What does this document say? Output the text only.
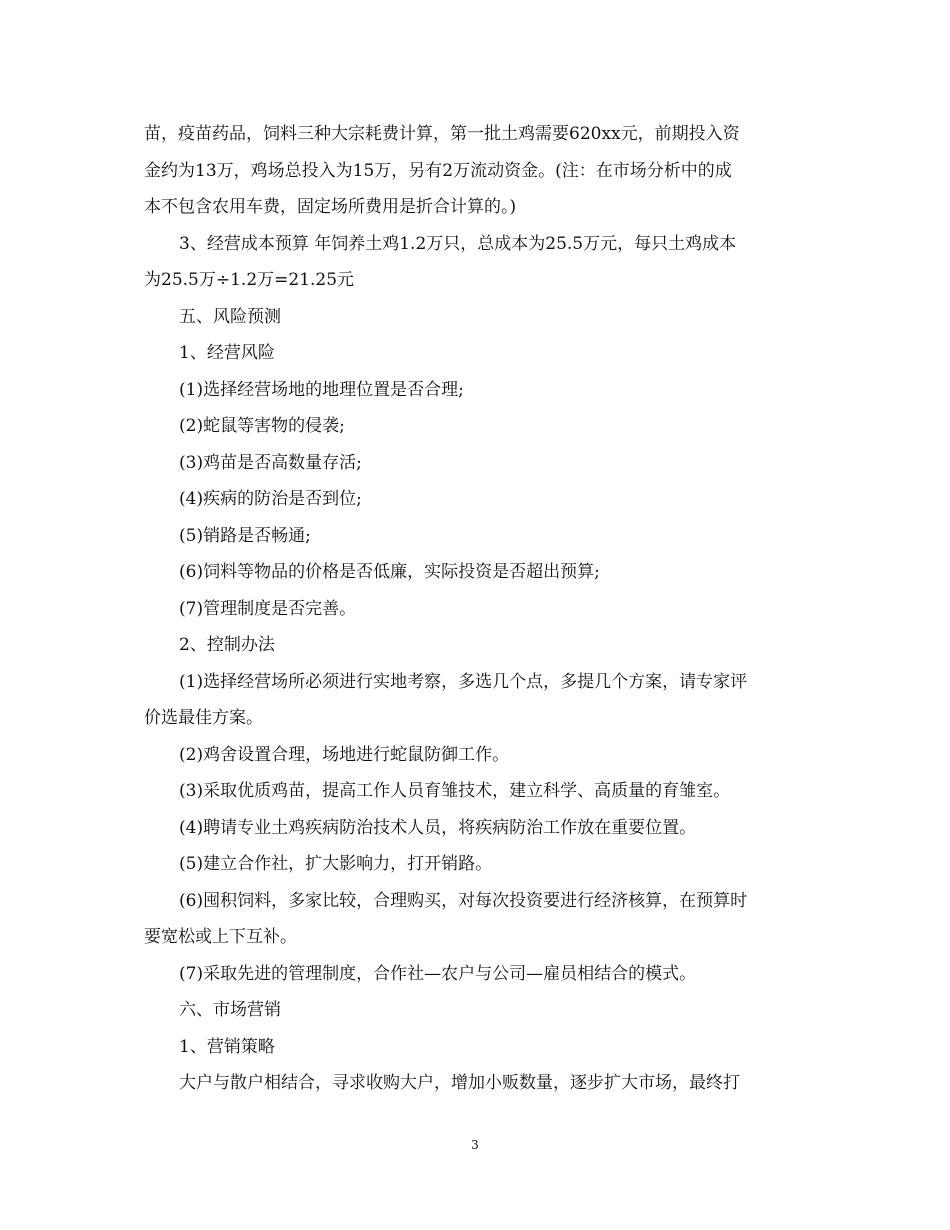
苗，疫苗药品，饲料三种大宗耗费计算，第一批土鸡需要620xx元，前期投入资
金约为13万，鸡场总投入为15万，另有2万流动资金。(注：在市场分析中的成
本不包含农用车费，固定场所费用是折合计算的。)
3、经营成本预算 年饲养土鸡1.2万只，总成本为25.5万元，每只土鸡成本
为25.5万÷1.2万=21.25元
五、风险预测
1、经营风险
(1)选择经营场地的地理位置是否合理;
(2)蛇鼠等害物的侵袭;
(3)鸡苗是否高数量存活;
(4)疾病的防治是否到位;
(5)销路是否畅通;
(6)饲料等物品的价格是否低廉，实际投资是否超出预算;
(7)管理制度是否完善。
2、控制办法
(1)选择经营场所必须进行实地考察，多选几个点，多提几个方案，请专家评
价选最佳方案。
(2)鸡舍设置合理，场地进行蛇鼠防御工作。
(3)采取优质鸡苗，提高工作人员育雏技术，建立科学、高质量的育雏室。
(4)聘请专业土鸡疾病防治技术人员，将疾病防治工作放在重要位置。
(5)建立合作社，扩大影响力，打开销路。
(6)囤积饲料，多家比较，合理购买，对每次投资要进行经济核算，在预算时
要宽松或上下互补。
(7)采取先进的管理制度，合作社—农户与公司—雇员相结合的模式。
六、市场营销
1、营销策略
大户与散户相结合，寻求收购大户，增加小贩数量，逐步扩大市场，最终打
3
